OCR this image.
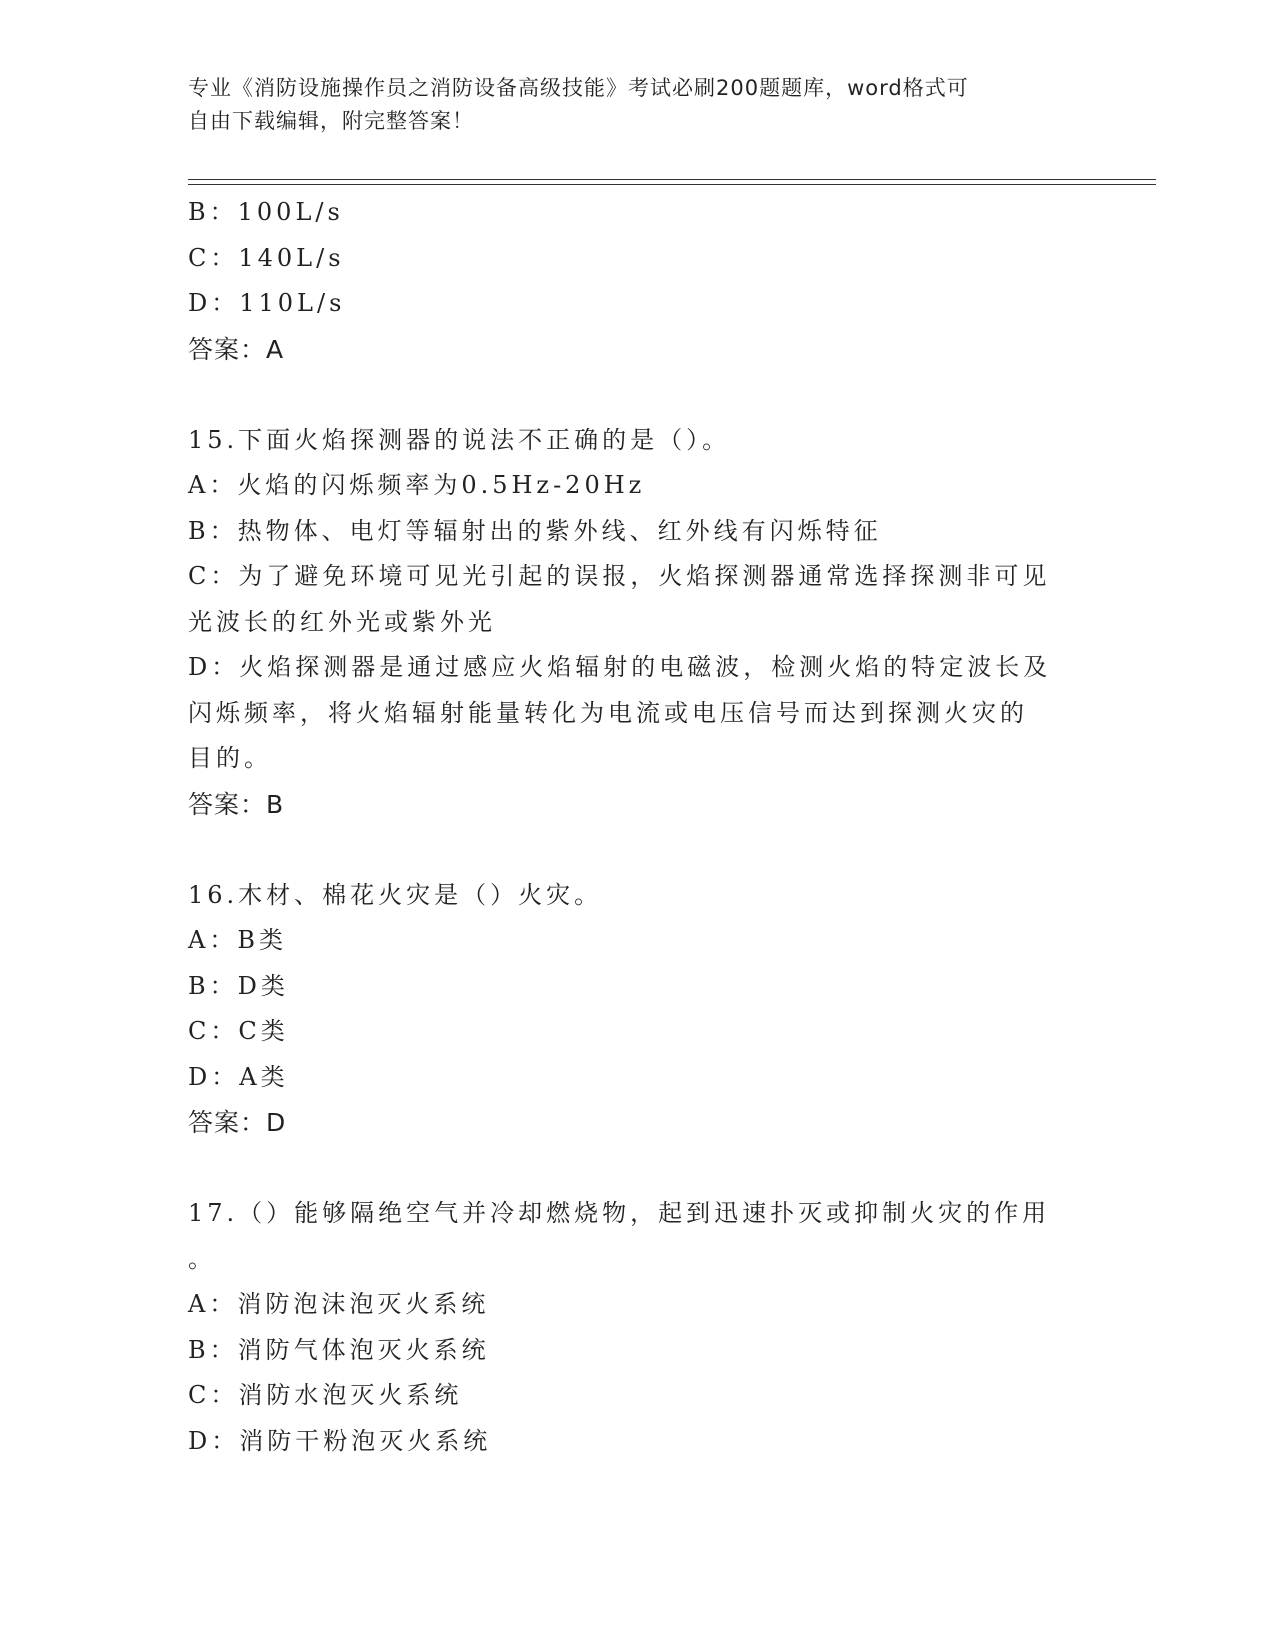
专业《消防设施操作员之消防设备高级技能》考试必刷200题题库，word格式可
自由下载编辑，附完整答案！
B：100L/s
C：140L/s
D：110L/s
答案：A
15.下面火焰探测器的说法不正确的是（）。
A：火焰的闪烁频率为0.5Hz-20Hz
B：热物体、电灯等辐射出的紫外线、红外线有闪烁特征
C：为了避免环境可见光引起的误报，火焰探测器通常选择探测非可见
光波长的红外光或紫外光
D：火焰探测器是通过感应火焰辐射的电磁波，检测火焰的特定波长及
闪烁频率，将火焰辐射能量转化为电流或电压信号而达到探测火灾的
目的。
答案：B
16.木材、棉花火灾是（）火灾。
A：B类
B：D类
C：C类
D：A类
答案：D
17.（）能够隔绝空气并冷却燃烧物，起到迅速扑灭或抑制火灾的作用
。
A：消防泡沫泡灭火系统
B：消防气体泡灭火系统
C：消防水泡灭火系统
D：消防干粉泡灭火系统
